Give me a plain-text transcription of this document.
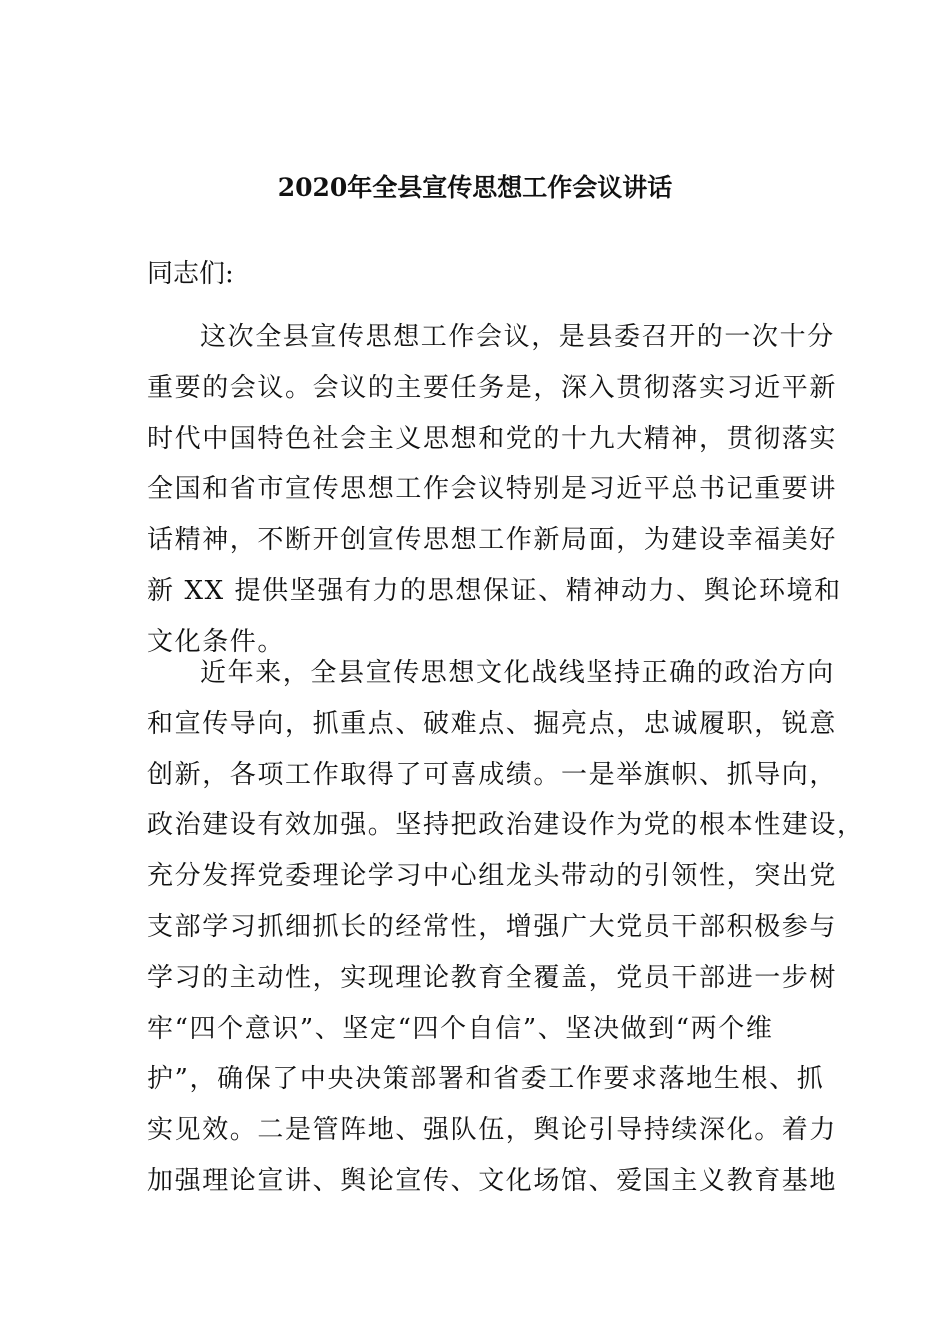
2020年全县宣传思想工作会议讲话

同志们:

这次全县宣传思想工作会议，是县委召开的一次十分
重要的会议。会议的主要任务是，深入贯彻落实习近平新
时代中国特色社会主义思想和党的十九大精神，贯彻落实
全国和省市宣传思想工作会议特别是习近平总书记重要讲
话精神，不断开创宣传思想工作新局面，为建设幸福美好
新 XX 提供坚强有力的思想保证、精神动力、舆论环境和
文化条件。
近年来，全县宣传思想文化战线坚持正确的政治方向
和宣传导向，抓重点、破难点、掘亮点，忠诚履职，锐意
创新，各项工作取得了可喜成绩。一是举旗帜、抓导向，
政治建设有效加强。坚持把政治建设作为党的根本性建设，
充分发挥党委理论学习中心组龙头带动的引领性，突出党
支部学习抓细抓长的经常性，增强广大党员干部积极参与
学习的主动性，实现理论教育全覆盖，党员干部进一步树
牢“四个意识”、坚定“四个自信”、坚决做到“两个维
护”，确保了中央决策部署和省委工作要求落地生根、抓
实见效。二是管阵地、强队伍，舆论引导持续深化。着力
加强理论宣讲、舆论宣传、文化场馆、爱国主义教育基地
